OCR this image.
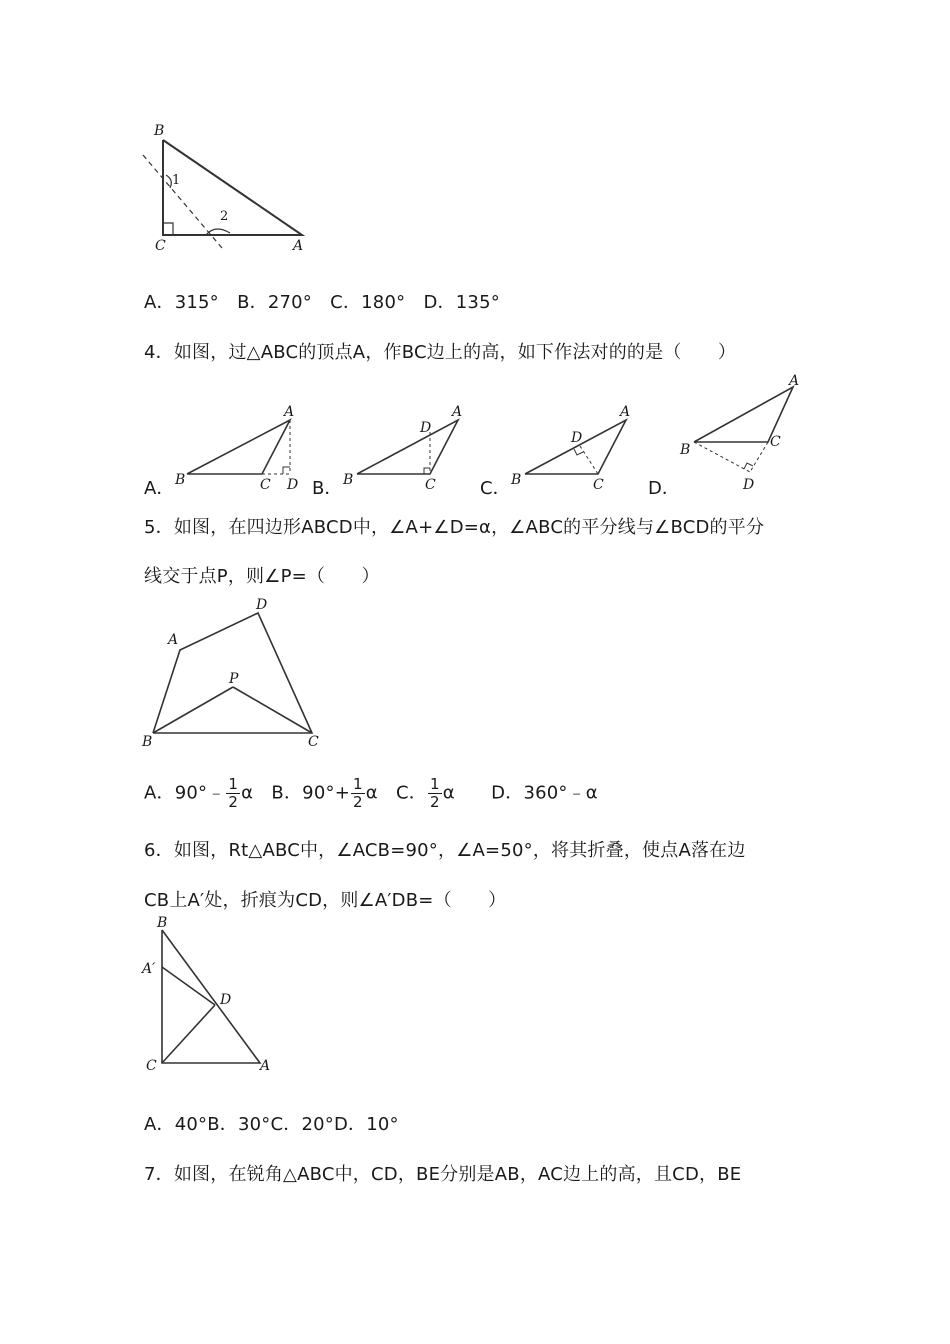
B
1
2
C	A
A．315°　B．270°　C．180°　D．135°
4．如图，过△ABC的顶点A，作BC边上的高，如下作法对的的是（　　）
A．	B．	C．	D．
A
B	C D
A
D
B	C
A
D
B	C
A
B	C
D
5．如图，在四边形ABCD中，∠A+∠D=α，∠ABC的平分线与∠BCD的平分
线交于点P，则∠P=（　　）
A
D
P
B	C
A．90°﹣ $\frac{1}{2}$ α　B．$90^\circ+ \frac{1}{2}$ α　C． $\frac{1}{2}$ α　　D．360°﹣α
6．如图，Rt△ABC中，∠ACB=90°，∠A=50°，将其折叠，使点A落在边
CB上A′处，折痕为CD，则∠A′DB=（　　）
B
A′
D
C	A
A．40°B．30°C．20°D．10°
7．如图，在锐角△ABC中，CD，BE分别是AB，AC边上的高，且CD，BE
